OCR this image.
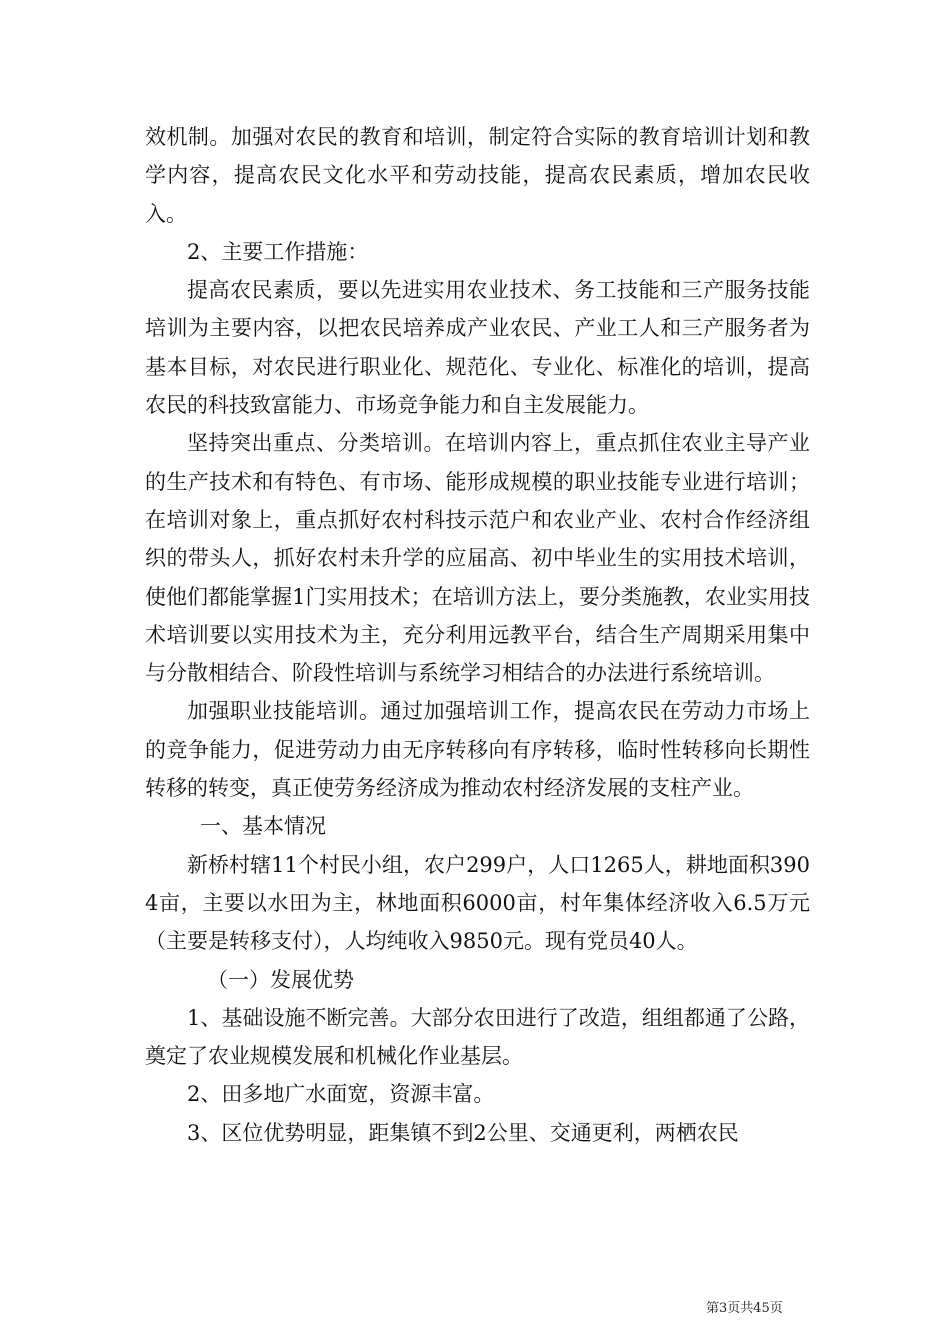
效机制。加强对农民的教育和培训，制定符合实际的教育培训计划和教学内容，提高农民文化水平和劳动技能，提高农民素质，增加农民收入。

2、主要工作措施：

提高农民素质，要以先进实用农业技术、务工技能和三产服务技能培训为主要内容，以把农民培养成产业农民、产业工人和三产服务者为基本目标，对农民进行职业化、规范化、专业化、标准化的培训，提高农民的科技致富能力、市场竞争能力和自主发展能力。

坚持突出重点、分类培训。在培训内容上，重点抓住农业主导产业的生产技术和有特色、有市场、能形成规模的职业技能专业进行培训；在培训对象上，重点抓好农村科技示范户和农业产业、农村合作经济组织的带头人，抓好农村未升学的应届高、初中毕业生的实用技术培训，使他们都能掌握1门实用技术；在培训方法上，要分类施教，农业实用技术培训要以实用技术为主，充分利用远教平台，结合生产周期采用集中与分散相结合、阶段性培训与系统学习相结合的办法进行系统培训。

加强职业技能培训。通过加强培训工作，提高农民在劳动力市场上的竞争能力，促进劳动力由无序转移向有序转移，临时性转移向长期性转移的转变，真正使劳务经济成为推动农村经济发展的支柱产业。

一、基本情况

新桥村辖11个村民小组，农户299户，人口1265人，耕地面积3904亩，主要以水田为主，林地面积6000亩，村年集体经济收入6.5万元（主要是转移支付），人均纯收入9850元。现有党员40人。

（一）发展优势

1、基础设施不断完善。大部分农田进行了改造，组组都通了公路，奠定了农业规模发展和机械化作业基层。

2、田多地广水面宽，资源丰富。

3、区位优势明显，距集镇不到2公里、交通更利，两栖农民

第3页共45页
